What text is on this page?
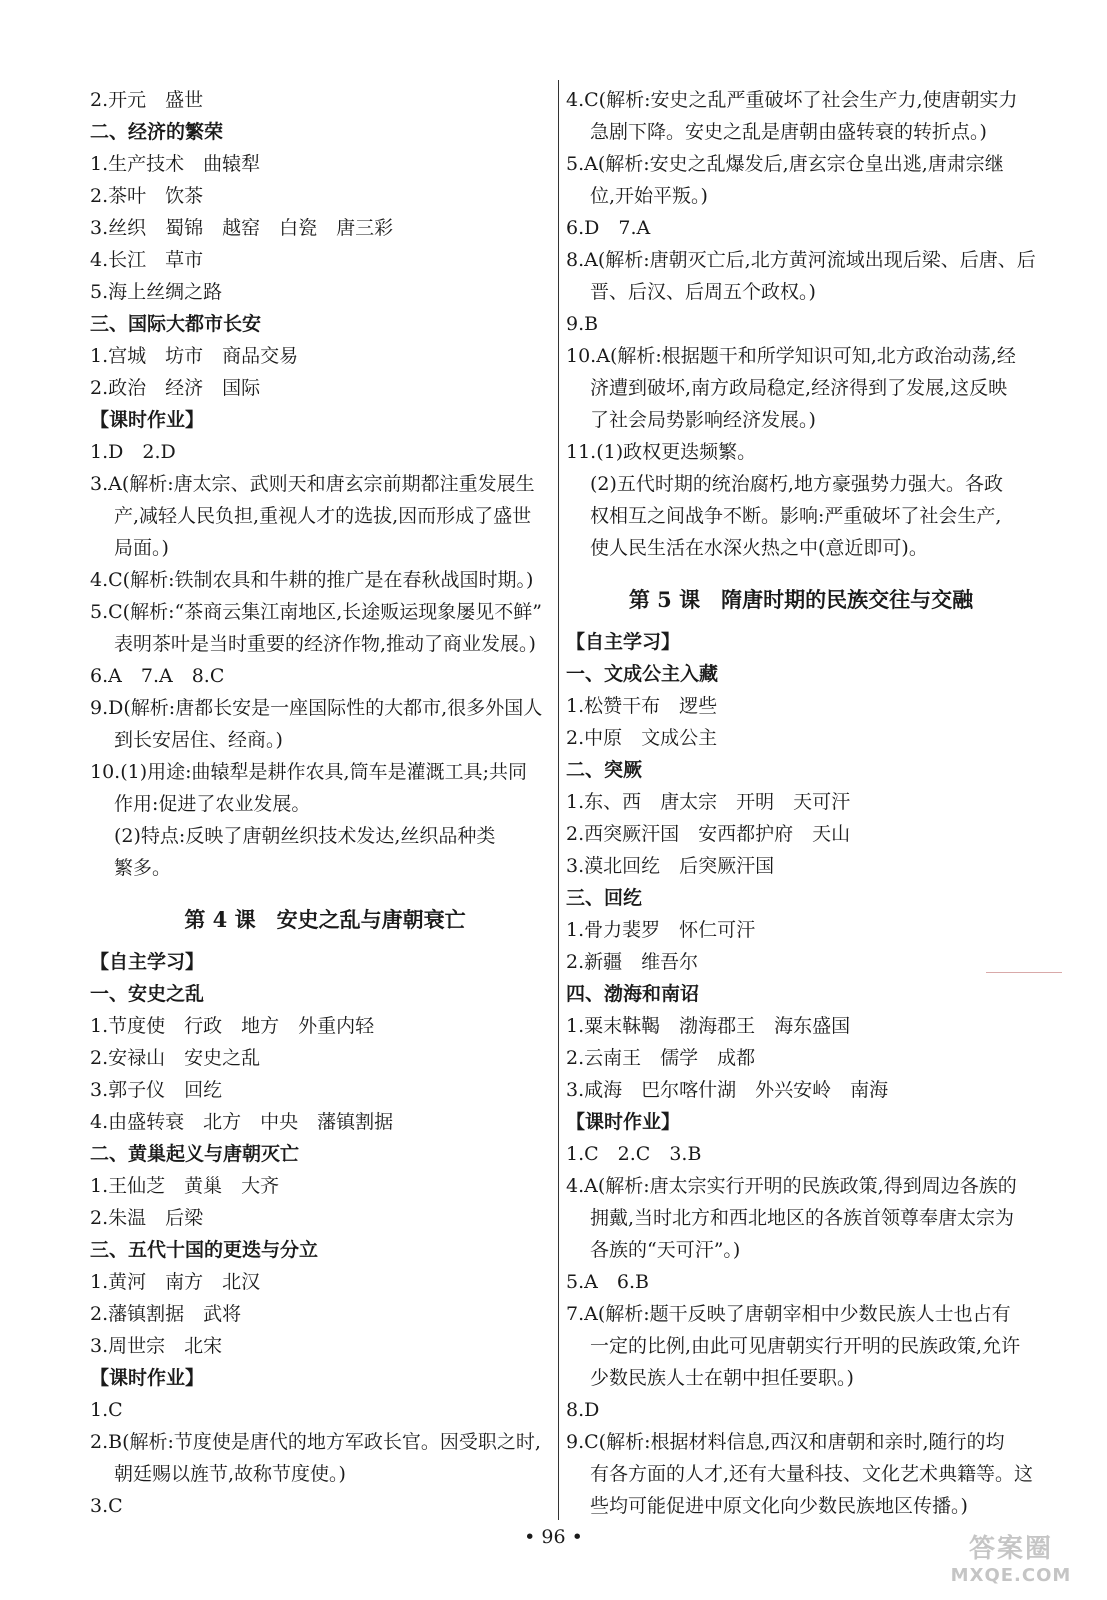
2.开元　盛世
二、经济的繁荣
1.生产技术　曲辕犁
2.茶叶　饮茶
3.丝织　蜀锦　越窑　白瓷　唐三彩
4.长江　草市
5.海上丝绸之路
三、国际大都市长安
1.宫城　坊市　商品交易
2.政治　经济　国际
【课时作业】
1.D　2.D
3.A(解析:唐太宗、武则天和唐玄宗前期都注重发展生
产,减轻人民负担,重视人才的选拔,因而形成了盛世
局面。)
4.C(解析:铁制农具和牛耕的推广是在春秋战国时期。)
5.C(解析:“茶商云集江南地区,长途贩运现象屡见不鲜”
表明茶叶是当时重要的经济作物,推动了商业发展。)
6.A　7.A　8.C
9.D(解析:唐都长安是一座国际性的大都市,很多外国人
到长安居住、经商。)
10.(1)用途:曲辕犁是耕作农具,筒车是灌溉工具;共同
作用:促进了农业发展。
(2)特点:反映了唐朝丝织技术发达,丝织品种类
繁多。
第 4 课　安史之乱与唐朝衰亡
【自主学习】
一、安史之乱
1.节度使　行政　地方　外重内轻
2.安禄山　安史之乱
3.郭子仪　回纥
4.由盛转衰　北方　中央　藩镇割据
二、黄巢起义与唐朝灭亡
1.王仙芝　黄巢　大齐
2.朱温　后梁
三、五代十国的更迭与分立
1.黄河　南方　北汉
2.藩镇割据　武将
3.周世宗　北宋
【课时作业】
1.C
2.B(解析:节度使是唐代的地方军政长官。因受职之时,
朝廷赐以旌节,故称节度使。)
3.C
4.C(解析:安史之乱严重破坏了社会生产力,使唐朝实力
急剧下降。安史之乱是唐朝由盛转衰的转折点。)
5.A(解析:安史之乱爆发后,唐玄宗仓皇出逃,唐肃宗继
位,开始平叛。)
6.D　7.A
8.A(解析:唐朝灭亡后,北方黄河流域出现后梁、后唐、后
晋、后汉、后周五个政权。)
9.B
10.A(解析:根据题干和所学知识可知,北方政治动荡,经
济遭到破坏,南方政局稳定,经济得到了发展,这反映
了社会局势影响经济发展。)
11.(1)政权更迭频繁。
(2)五代时期的统治腐朽,地方豪强势力强大。各政
权相互之间战争不断。影响:严重破坏了社会生产,
使人民生活在水深火热之中(意近即可)。
第 5 课　隋唐时期的民族交往与交融
【自主学习】
一、文成公主入藏
1.松赞干布　逻些
2.中原　文成公主
二、突厥
1.东、西　唐太宗　开明　天可汗
2.西突厥汗国　安西都护府　天山
3.漠北回纥　后突厥汗国
三、回纥
1.骨力裴罗　怀仁可汗
2.新疆　维吾尔
四、渤海和南诏
1.粟末靺鞨　渤海郡王　海东盛国
2.云南王　儒学　成都
3.咸海　巴尔喀什湖　外兴安岭　南海
【课时作业】
1.C　2.C　3.B
4.A(解析:唐太宗实行开明的民族政策,得到周边各族的
拥戴,当时北方和西北地区的各族首领尊奉唐太宗为
各族的“天可汗”。)
5.A　6.B
7.A(解析:题干反映了唐朝宰相中少数民族人士也占有
一定的比例,由此可见唐朝实行开明的民族政策,允许
少数民族人士在朝中担任要职。)
8.D
9.C(解析:根据材料信息,西汉和唐朝和亲时,随行的均
有各方面的人才,还有大量科技、文化艺术典籍等。这
些均可能促进中原文化向少数民族地区传播。)
• 96 •	答案圈
MXQE.COM
